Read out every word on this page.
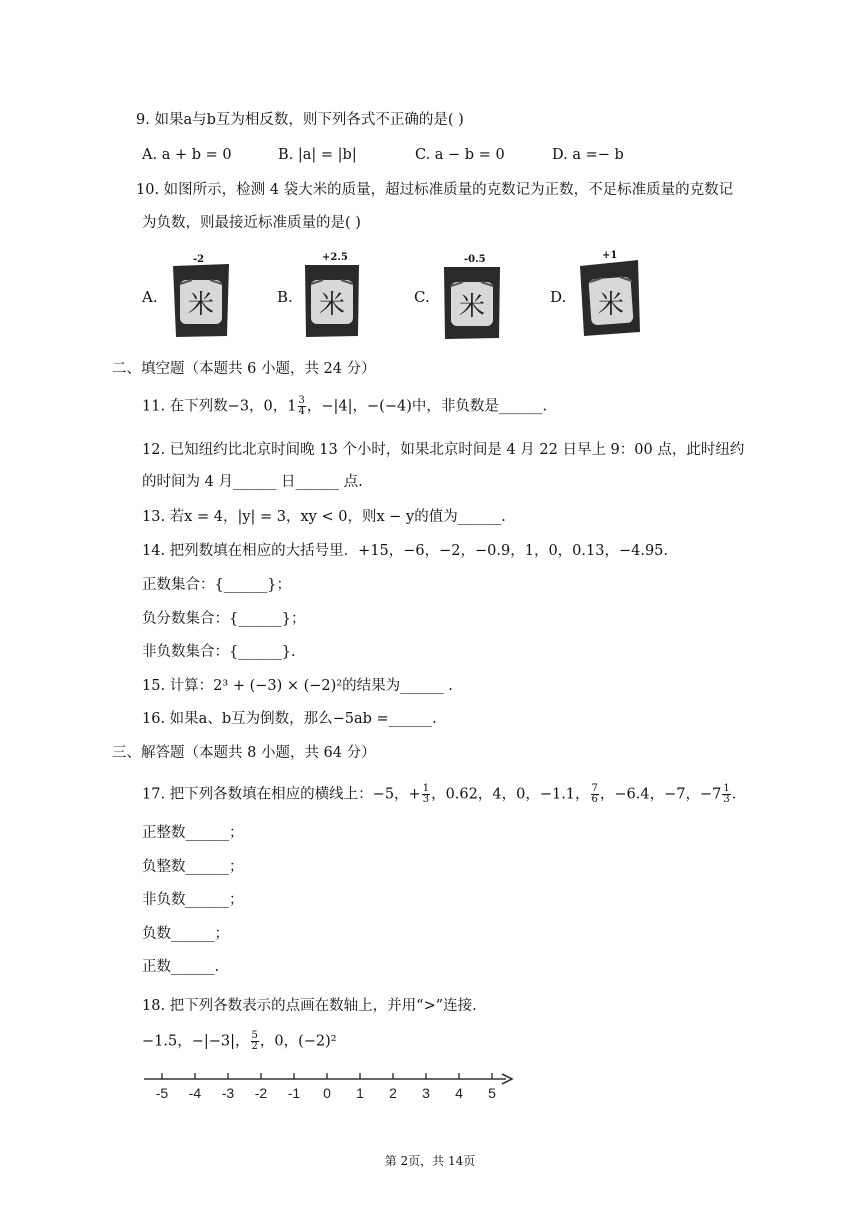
9. 如果a与b互为相反数，则下列各式不正确的是( )
A. a + b = 0	B. |a| = |b|	C. a − b = 0	D. a =− b
10. 如图所示，检测 4 袋大米的质量，超过标准质量的克数记为正数，不足标准质量的克数记
为负数，则最接近标准质量的是( )
A.
-2
米	B.
+2.5
米	C.
-0.5
米	D.
+1
米
二、填空题（本题共 6 小题，共 24 分）
11. 在下列数−3，0，$1 \frac{3}{4}$ ，−|4|，−(−4)中，非负数是______.
12. 已知纽约比北京时间晚 13 个小时，如果北京时间是 4 月 22 日早上 9：00 点，此时纽约
的时间为 4 月______ 日______ 点.
13. 若x = 4，|y| = 3，xy < 0，则x − y的值为______.
14. 把列数填在相应的大括号里．+15，−6，−2，−0.9，1，0，0.13，−4.95.
正数集合：{______}；
负分数集合：{______}；
非负数集合：{______}.
15. 计算：2³ + (−3) × (−2)²的结果为______ .
16. 如果a、b互为倒数，那么−5ab =______.
三、解答题（本题共 8 小题，共 64 分）
17. 把下列各数填在相应的横线上：−5，+ $\frac{1}{3}$ ，0.62，4，0，−1.1， $\frac{7}{6}$ ，−6.4，−7，$-7 \frac{1}{3}$ .
正整数______；
负整数______；
非负数______；
负数______；
正数______.
18. 把下列各数表示的点画在数轴上，并用“>”连接.
−1.5，−|−3|， $\frac{5}{2}$ ，0，(−2)²
-5 -4 -3 -2 -1 0 1 2 3 4 5
第 2页，共 14页
